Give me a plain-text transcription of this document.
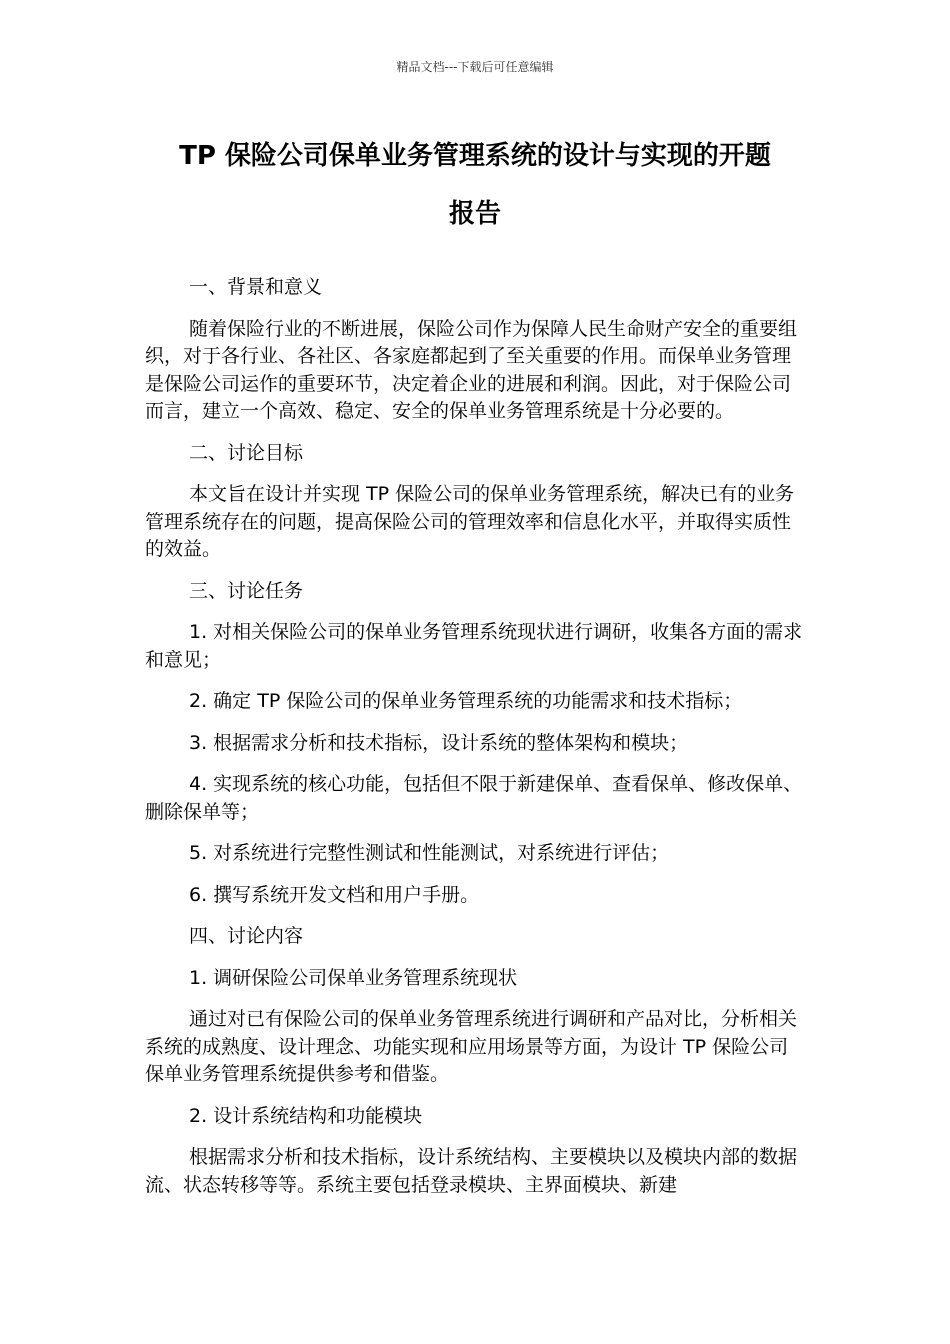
精品文档---下载后可任意编辑
TP 保险公司保单业务管理系统的设计与实现的开题
报告

一、背景和意义

随着保险行业的不断进展，保险公司作为保障人民生命财产安全的重要组织，对于各行业、各社区、各家庭都起到了至关重要的作用。而保单业务管理是保险公司运作的重要环节，决定着企业的进展和利润。因此，对于保险公司而言，建立一个高效、稳定、安全的保单业务管理系统是十分必要的。

二、讨论目标

本文旨在设计并实现 TP 保险公司的保单业务管理系统，解决已有的业务管理系统存在的问题，提高保险公司的管理效率和信息化水平，并取得实质性的效益。

三、讨论任务

1. 对相关保险公司的保单业务管理系统现状进行调研，收集各方面的需求和意见；

2. 确定 TP 保险公司的保单业务管理系统的功能需求和技术指标；

3. 根据需求分析和技术指标，设计系统的整体架构和模块；

4. 实现系统的核心功能，包括但不限于新建保单、查看保单、修改保单、删除保单等；

5. 对系统进行完整性测试和性能测试，对系统进行评估；

6. 撰写系统开发文档和用户手册。

四、讨论内容

1. 调研保险公司保单业务管理系统现状

通过对已有保险公司的保单业务管理系统进行调研和产品对比，分析相关系统的成熟度、设计理念、功能实现和应用场景等方面，为设计 TP 保险公司保单业务管理系统提供参考和借鉴。

2. 设计系统结构和功能模块

根据需求分析和技术指标，设计系统结构、主要模块以及模块内部的数据流、状态转移等等。系统主要包括登录模块、主界面模块、新建
